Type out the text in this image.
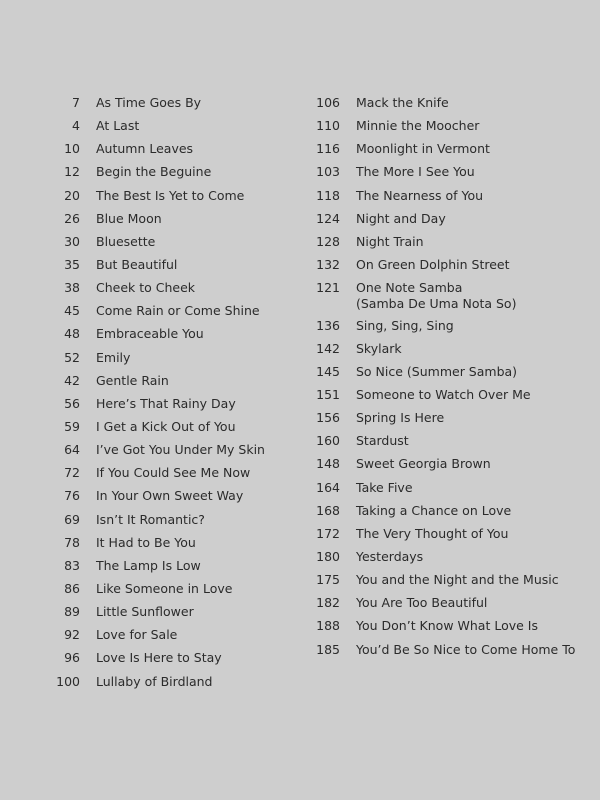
7 As Time Goes By
4 At Last
10 Autumn Leaves
12 Begin the Beguine
20 The Best Is Yet to Come
26 Blue Moon
30 Bluesette
35 But Beautiful
38 Cheek to Cheek
45 Come Rain or Come Shine
48 Embraceable You
52 Emily
42 Gentle Rain
56 Here’s That Rainy Day
59 I Get a Kick Out of You
64 I’ve Got You Under My Skin
72 If You Could See Me Now
76 In Your Own Sweet Way
69 Isn’t It Romantic?
78 It Had to Be You
83 The Lamp Is Low
86 Like Someone in Love
89 Little Sunflower
92 Love for Sale
96 Love Is Here to Stay
100 Lullaby of Birdland
106 Mack the Knife
110 Minnie the Moocher
116 Moonlight in Vermont
103 The More I See You
118 The Nearness of You
124 Night and Day
128 Night Train
132 On Green Dolphin Street
121 One Note Samba
(Samba De Uma Nota So)
136 Sing, Sing, Sing
142 Skylark
145 So Nice (Summer Samba)
151 Someone to Watch Over Me
156 Spring Is Here
160 Stardust
148 Sweet Georgia Brown
164 Take Five
168 Taking a Chance on Love
172 The Very Thought of You
180 Yesterdays
175 You and the Night and the Music
182 You Are Too Beautiful
188 You Don’t Know What Love Is
185 You’d Be So Nice to Come Home To
